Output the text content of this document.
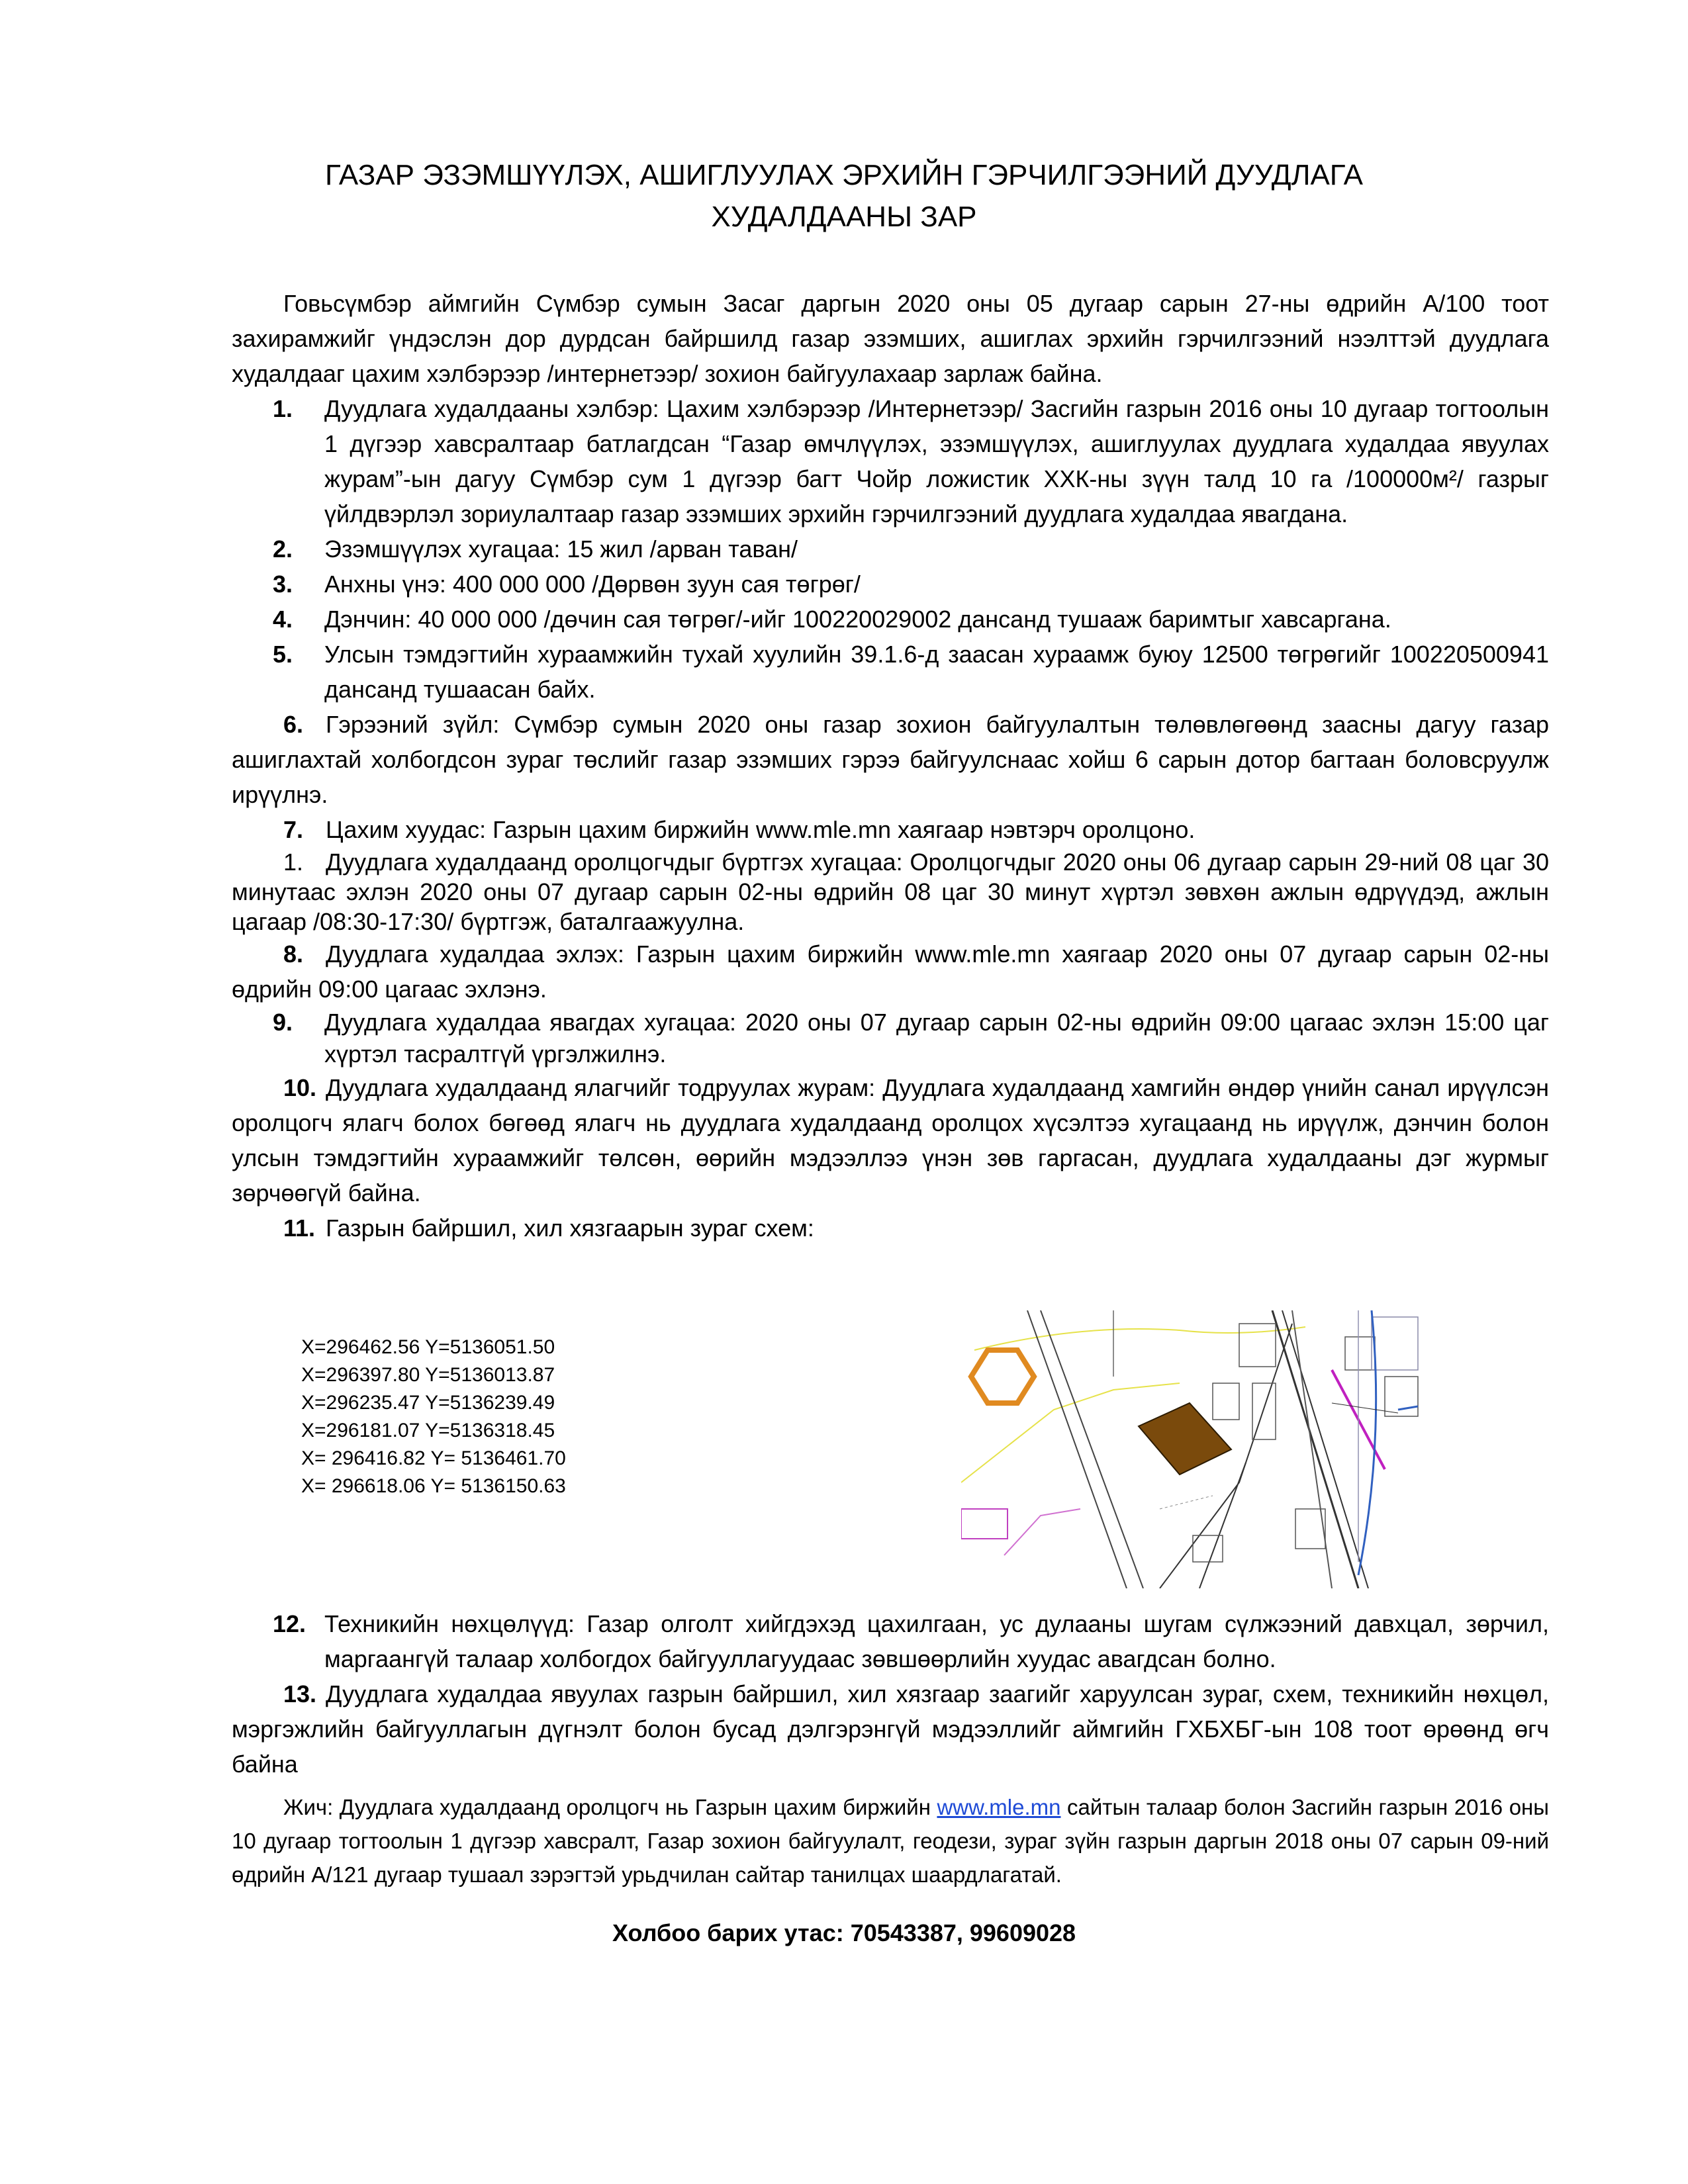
ГАЗАР ЭЗЭМШҮҮЛЭХ, АШИГЛУУЛАХ ЭРХИЙН ГЭРЧИЛГЭЭНИЙ ДУУДЛАГА
ХУДАЛДААНЫ ЗАР

Говьсүмбэр аймгийн Сүмбэр сумын Засаг даргын 2020 оны 05 дугаар сарын 27-ны өдрийн А/100 тоот захирамжийг үндэслэн дор дурдсан байршилд газар эзэмших, ашиглах эрхийн гэрчилгээний нээлттэй дуудлага худалдааг цахим хэлбэрээр /интернетээр/ зохион байгуулахаар зарлаж байна.

1. Дуудлага худалдааны хэлбэр: Цахим хэлбэрээр /Интернетээр/ Засгийн газрын 2016 оны 10 дугаар тогтоолын 1 дүгээр хавсралтаар батлагдсан “Газар өмчлүүлэх, эзэмшүүлэх, ашиглуулах дуудлага худалдаа явуулах журам”-ын дагуу Сүмбэр сум 1 дүгээр багт Чойр ложистик ХХК-ны зүүн талд 10 га /100000м²/ газрыг үйлдвэрлэл зориулалтаар газар эзэмших эрхийн гэрчилгээний дуудлага худалдаа явагдана.

2. Эзэмшүүлэх хугацаа: 15 жил /арван таван/

3. Анхны үнэ: 400 000 000 /Дөрвөн зуун сая төгрөг/

4. Дэнчин: 40 000 000 /дөчин сая төгрөг/-ийг 100220029002 дансанд тушааж баримтыг хавсаргана.

5. Улсын тэмдэгтийн хураамжийн тухай хуулийн 39.1.6-д заасан хураамж буюу 12500 төгрөгийг 100220500941 дансанд тушаасан байх.

6. Гэрээний зүйл: Сүмбэр сумын 2020 оны газар зохион байгуулалтын төлөвлөгөөнд заасны дагуу газар ашиглахтай холбогдсон зураг төслийг газар эзэмших гэрээ байгуулснаас хойш 6 сарын дотор багтаан боловсруулж ирүүлнэ.

7. Цахим хуудас: Газрын цахим биржийн www.mle.mn хаягаар нэвтэрч оролцоно.

1. Дуудлага худалдаанд оролцогчдыг бүртгэх хугацаа: Оролцогчдыг 2020 оны 06 дугаар сарын 29-ний 08 цаг 30 минутаас эхлэн 2020 оны 07 дугаар сарын 02-ны өдрийн 08 цаг 30 минут хүртэл зөвхөн ажлын өдрүүдэд, ажлын цагаар /08:30-17:30/ бүртгэж, баталгаажуулна.

8. Дуудлага худалдаа эхлэх: Газрын цахим биржийн www.mle.mn хаягаар 2020 оны 07 дугаар сарын 02-ны өдрийн 09:00 цагаас эхлэнэ.

9. Дуудлага худалдаа явагдах хугацаа: 2020 оны 07 дугаар сарын 02-ны өдрийн 09:00 цагаас эхлэн 15:00 цаг хүртэл тасралтгүй үргэлжилнэ.

10. Дуудлага худалдаанд ялагчийг тодруулах журам: Дуудлага худалдаанд хамгийн өндөр үнийн санал ирүүлсэн оролцогч ялагч болох бөгөөд ялагч нь дуудлага худалдаанд оролцох хүсэлтээ хугацаанд нь ирүүлж, дэнчин болон улсын тэмдэгтийн хураамжийг төлсөн, өөрийн мэдээллээ үнэн зөв гаргасан, дуудлага худалдааны дэг журмыг зөрчөөгүй байна.

11. Газрын байршил, хил хязгаарын зураг схем:

X=296462.56 Y=5136051.50
X=296397.80 Y=5136013.87
X=296235.47 Y=5136239.49
X=296181.07 Y=5136318.45
X= 296416.82 Y= 5136461.70
X= 296618.06 Y= 5136150.63

12. Техникийн нөхцөлүүд: Газар олголт хийгдэхэд цахилгаан, ус дулааны шугам сүлжээний давхцал, зөрчил, маргаангүй талаар холбогдох байгууллагуудаас зөвшөөрлийн хуудас авагдсан болно.

13. Дуудлага худалдаа явуулах газрын байршил, хил хязгаар заагийг харуулсан зураг, схем, техникийн нөхцөл, мэргэжлийн байгууллагын дүгнэлт болон бусад дэлгэрэнгүй мэдээллийг аймгийн ГХБХБГ-ын 108 тоот өрөөнд өгч байна

Жич: Дуудлага худалдаанд оролцогч нь Газрын цахим биржийн www.mle.mn сайтын талаар болон Засгийн газрын 2016 оны 10 дугаар тогтоолын 1 дүгээр хавсралт, Газар зохион байгуулалт, геодези, зураг зүйн газрын даргын 2018 оны 07 сарын 09-ний өдрийн А/121 дугаар тушаал зэрэгтэй урьдчилан сайтар танилцах шаардлагатай.
Холбоо барих утас: 70543387, 99609028
